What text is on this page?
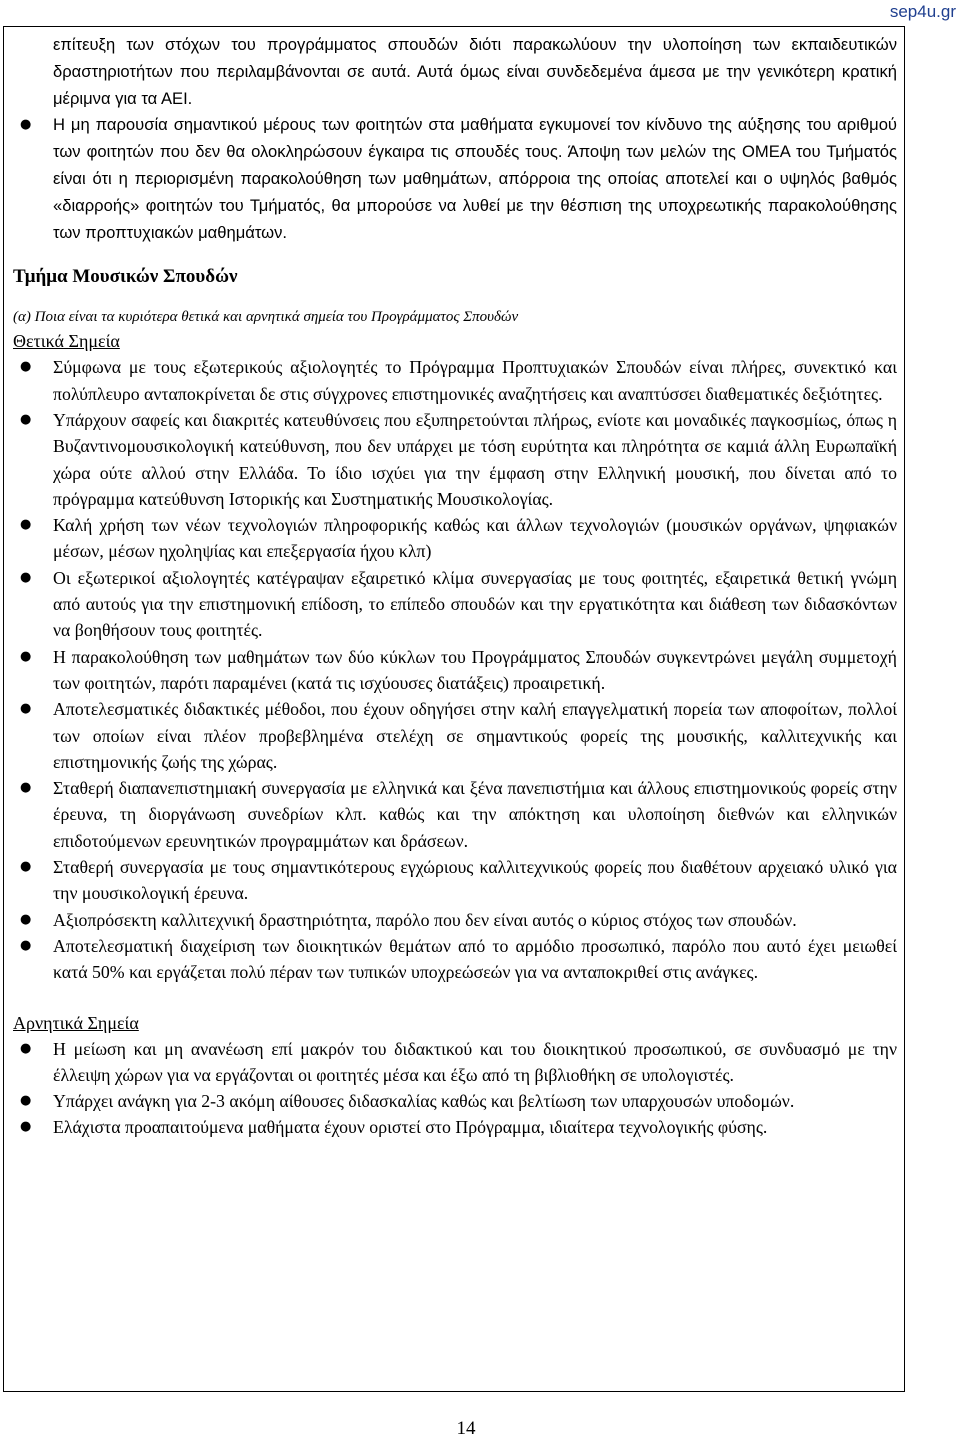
sep4u.gr
επίτευξη των στόχων του προγράμματος σπουδών διότι παρακωλύουν την υλοποίηση των εκπαιδευτικών δραστηριοτήτων που περιλαμβάνονται σε αυτά. Αυτά όμως είναι συνδεδεμένα άμεσα με την γενικότερη κρατική μέριμνα για τα ΑΕΙ.
● Η μη παρουσία σημαντικού μέρους των φοιτητών στα μαθήματα εγκυμονεί τον κίνδυνο της αύξησης του αριθμού των φοιτητών που δεν θα ολοκληρώσουν έγκαιρα τις σπουδές τους. Άποψη των μελών της ΟΜΕΑ του Τμήματός είναι ότι η περιορισμένη παρακολούθηση των μαθημάτων, απόρροια της οποίας αποτελεί και ο υψηλός βαθμός «διαρροής» φοιτητών του Τμήματός, θα μπορούσε να λυθεί με την θέσπιση της υποχρεωτικής παρακολούθησης των προπτυχιακών μαθημάτων.
Τμήμα Μουσικών Σπουδών
(α) Ποια είναι τα κυριότερα θετικά και αρνητικά σημεία του Προγράμματος Σπουδών
Θετικά Σημεία
● Σύμφωνα με τους εξωτερικούς αξιολογητές το Πρόγραμμα Προπτυχιακών Σπουδών είναι πλήρες, συνεκτικό και πολύπλευρο ανταποκρίνεται δε στις σύγχρονες επιστημονικές αναζητήσεις και αναπτύσσει διαθεματικές δεξιότητες.
● Υπάρχουν σαφείς και διακριτές κατευθύνσεις που εξυπηρετούνται πλήρως, ενίοτε και μοναδικές παγκοσμίως, όπως η Βυζαντινομουσικολογική κατεύθυνση, που δεν υπάρχει με τόση ευρύτητα και πληρότητα σε καμιά άλλη Ευρωπαϊκή χώρα ούτε αλλού στην Ελλάδα. Το ίδιο ισχύει για την έμφαση στην Ελληνική μουσική, που δίνεται από το πρόγραμμα κατεύθυνση Ιστορικής και Συστηματικής Μουσικολογίας.
● Καλή χρήση των νέων τεχνολογιών πληροφορικής καθώς και άλλων τεχνολογιών (μουσικών οργάνων, ψηφιακών μέσων, μέσων ηχοληψίας και επεξεργασία ήχου κλπ)
● Οι εξωτερικοί αξιολογητές κατέγραψαν εξαιρετικό κλίμα συνεργασίας με τους φοιτητές, εξαιρετικά θετική γνώμη από αυτούς για την επιστημονική επίδοση, το επίπεδο σπουδών και την εργατικότητα και διάθεση των διδασκόντων να βοηθήσουν τους φοιτητές.
● Η παρακολούθηση των μαθημάτων των δύο κύκλων του Προγράμματος Σπουδών συγκεντρώνει μεγάλη συμμετοχή των φοιτητών, παρότι παραμένει (κατά τις ισχύουσες διατάξεις) προαιρετική.
● Αποτελεσματικές διδακτικές μέθοδοι, που έχουν οδηγήσει στην καλή επαγγελματική πορεία των αποφοίτων, πολλοί των οποίων είναι πλέον προβεβλημένα στελέχη σε σημαντικούς φορείς της μουσικής, καλλιτεχνικής και επιστημονικής ζωής της χώρας.
● Σταθερή διαπανεπιστημιακή συνεργασία με ελληνικά και ξένα πανεπιστήμια και άλλους επιστημονικούς φορείς στην έρευνα, τη διοργάνωση συνεδρίων κλπ. καθώς και την απόκτηση και υλοποίηση διεθνών και ελληνικών επιδοτούμενων ερευνητικών προγραμμάτων και δράσεων.
● Σταθερή συνεργασία με τους σημαντικότερους εγχώριους καλλιτεχνικούς φορείς που διαθέτουν αρχειακό υλικό για την μουσικολογική έρευνα.
● Αξιοπρόσεκτη καλλιτεχνική δραστηριότητα, παρόλο που δεν είναι αυτός ο κύριος στόχος των σπουδών.
● Αποτελεσματική διαχείριση των διοικητικών θεμάτων από το αρμόδιο προσωπικό, παρόλο που αυτό έχει μειωθεί κατά 50% και εργάζεται πολύ πέραν των τυπικών υποχρεώσεών για να ανταποκριθεί στις ανάγκες.
Αρνητικά Σημεία
● Η μείωση και μη ανανέωση επί μακρόν του διδακτικού και του διοικητικού προσωπικού, σε συνδυασμό με την έλλειψη χώρων για να εργάζονται οι φοιτητές μέσα και έξω από τη βιβλιοθήκη σε υπολογιστές.
● Υπάρχει ανάγκη για 2-3 ακόμη αίθουσες διδασκαλίας καθώς και βελτίωση των υπαρχουσών υποδομών.
● Ελάχιστα προαπαιτούμενα μαθήματα έχουν οριστεί στο Πρόγραμμα, ιδιαίτερα τεχνολογικής φύσης.
14
